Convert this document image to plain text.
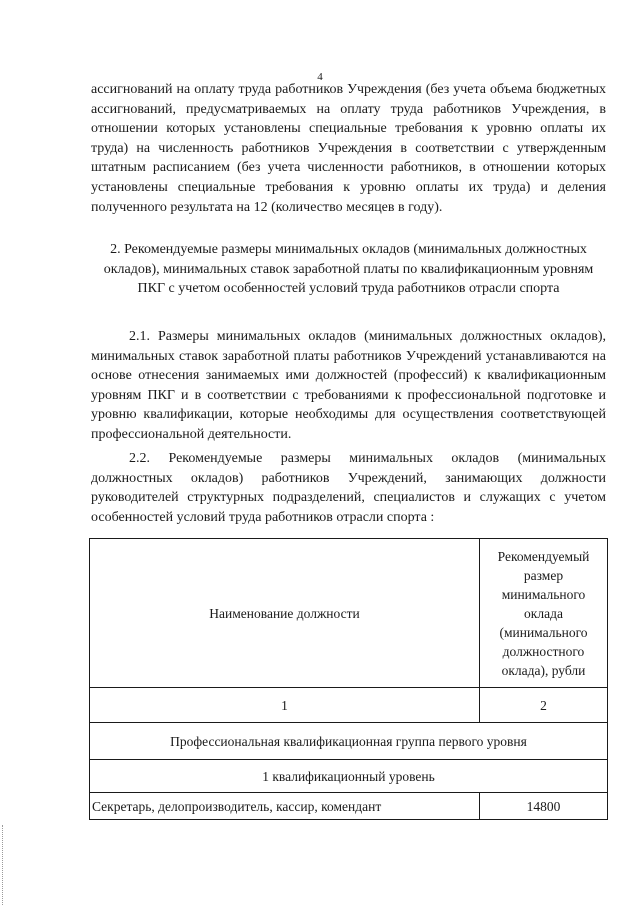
4

ассигнований на оплату труда работников Учреждения (без учета объема бюджетных ассигнований, предусматриваемых на оплату труда работников Учреждения, в отношении которых установлены специальные требования к уровню оплаты их труда) на численность работников Учреждения в соответствии с утвержденным штатным расписанием (без учета численности работников, в отношении которых установлены специальные требования к уровню оплаты их труда) и деления полученного результата на 12 (количество месяцев в году).

2. Рекомендуемые размеры минимальных окладов (минимальных должностных окладов), минимальных ставок заработной платы по квалификационным уровням ПКГ с учетом особенностей условий труда работников отрасли спорта

2.1. Размеры минимальных окладов (минимальных должностных окладов), минимальных ставок заработной платы работников Учреждений устанавливаются на основе отнесения занимаемых ими должностей (профессий) к квалификационным уровням ПКГ и в соответствии с требованиями к профессиональной подготовке и уровню квалификации, которые необходимы для осуществления соответствующей профессиональной деятельности.

2.2. Рекомендуемые размеры минимальных окладов (минимальных должностных окладов) работников Учреждений, занимающих должности руководителей структурных подразделений, специалистов и служащих с учетом особенностей условий труда работников отрасли спорта :

Наименование должности	Рекомендуемый размер минимального оклада (минимального должностного оклада), рубли
1	2
Профессиональная квалификационная группа первого уровня	
1 квалификационный уровень	
Секретарь, делопроизводитель, кассир, комендант	14800
